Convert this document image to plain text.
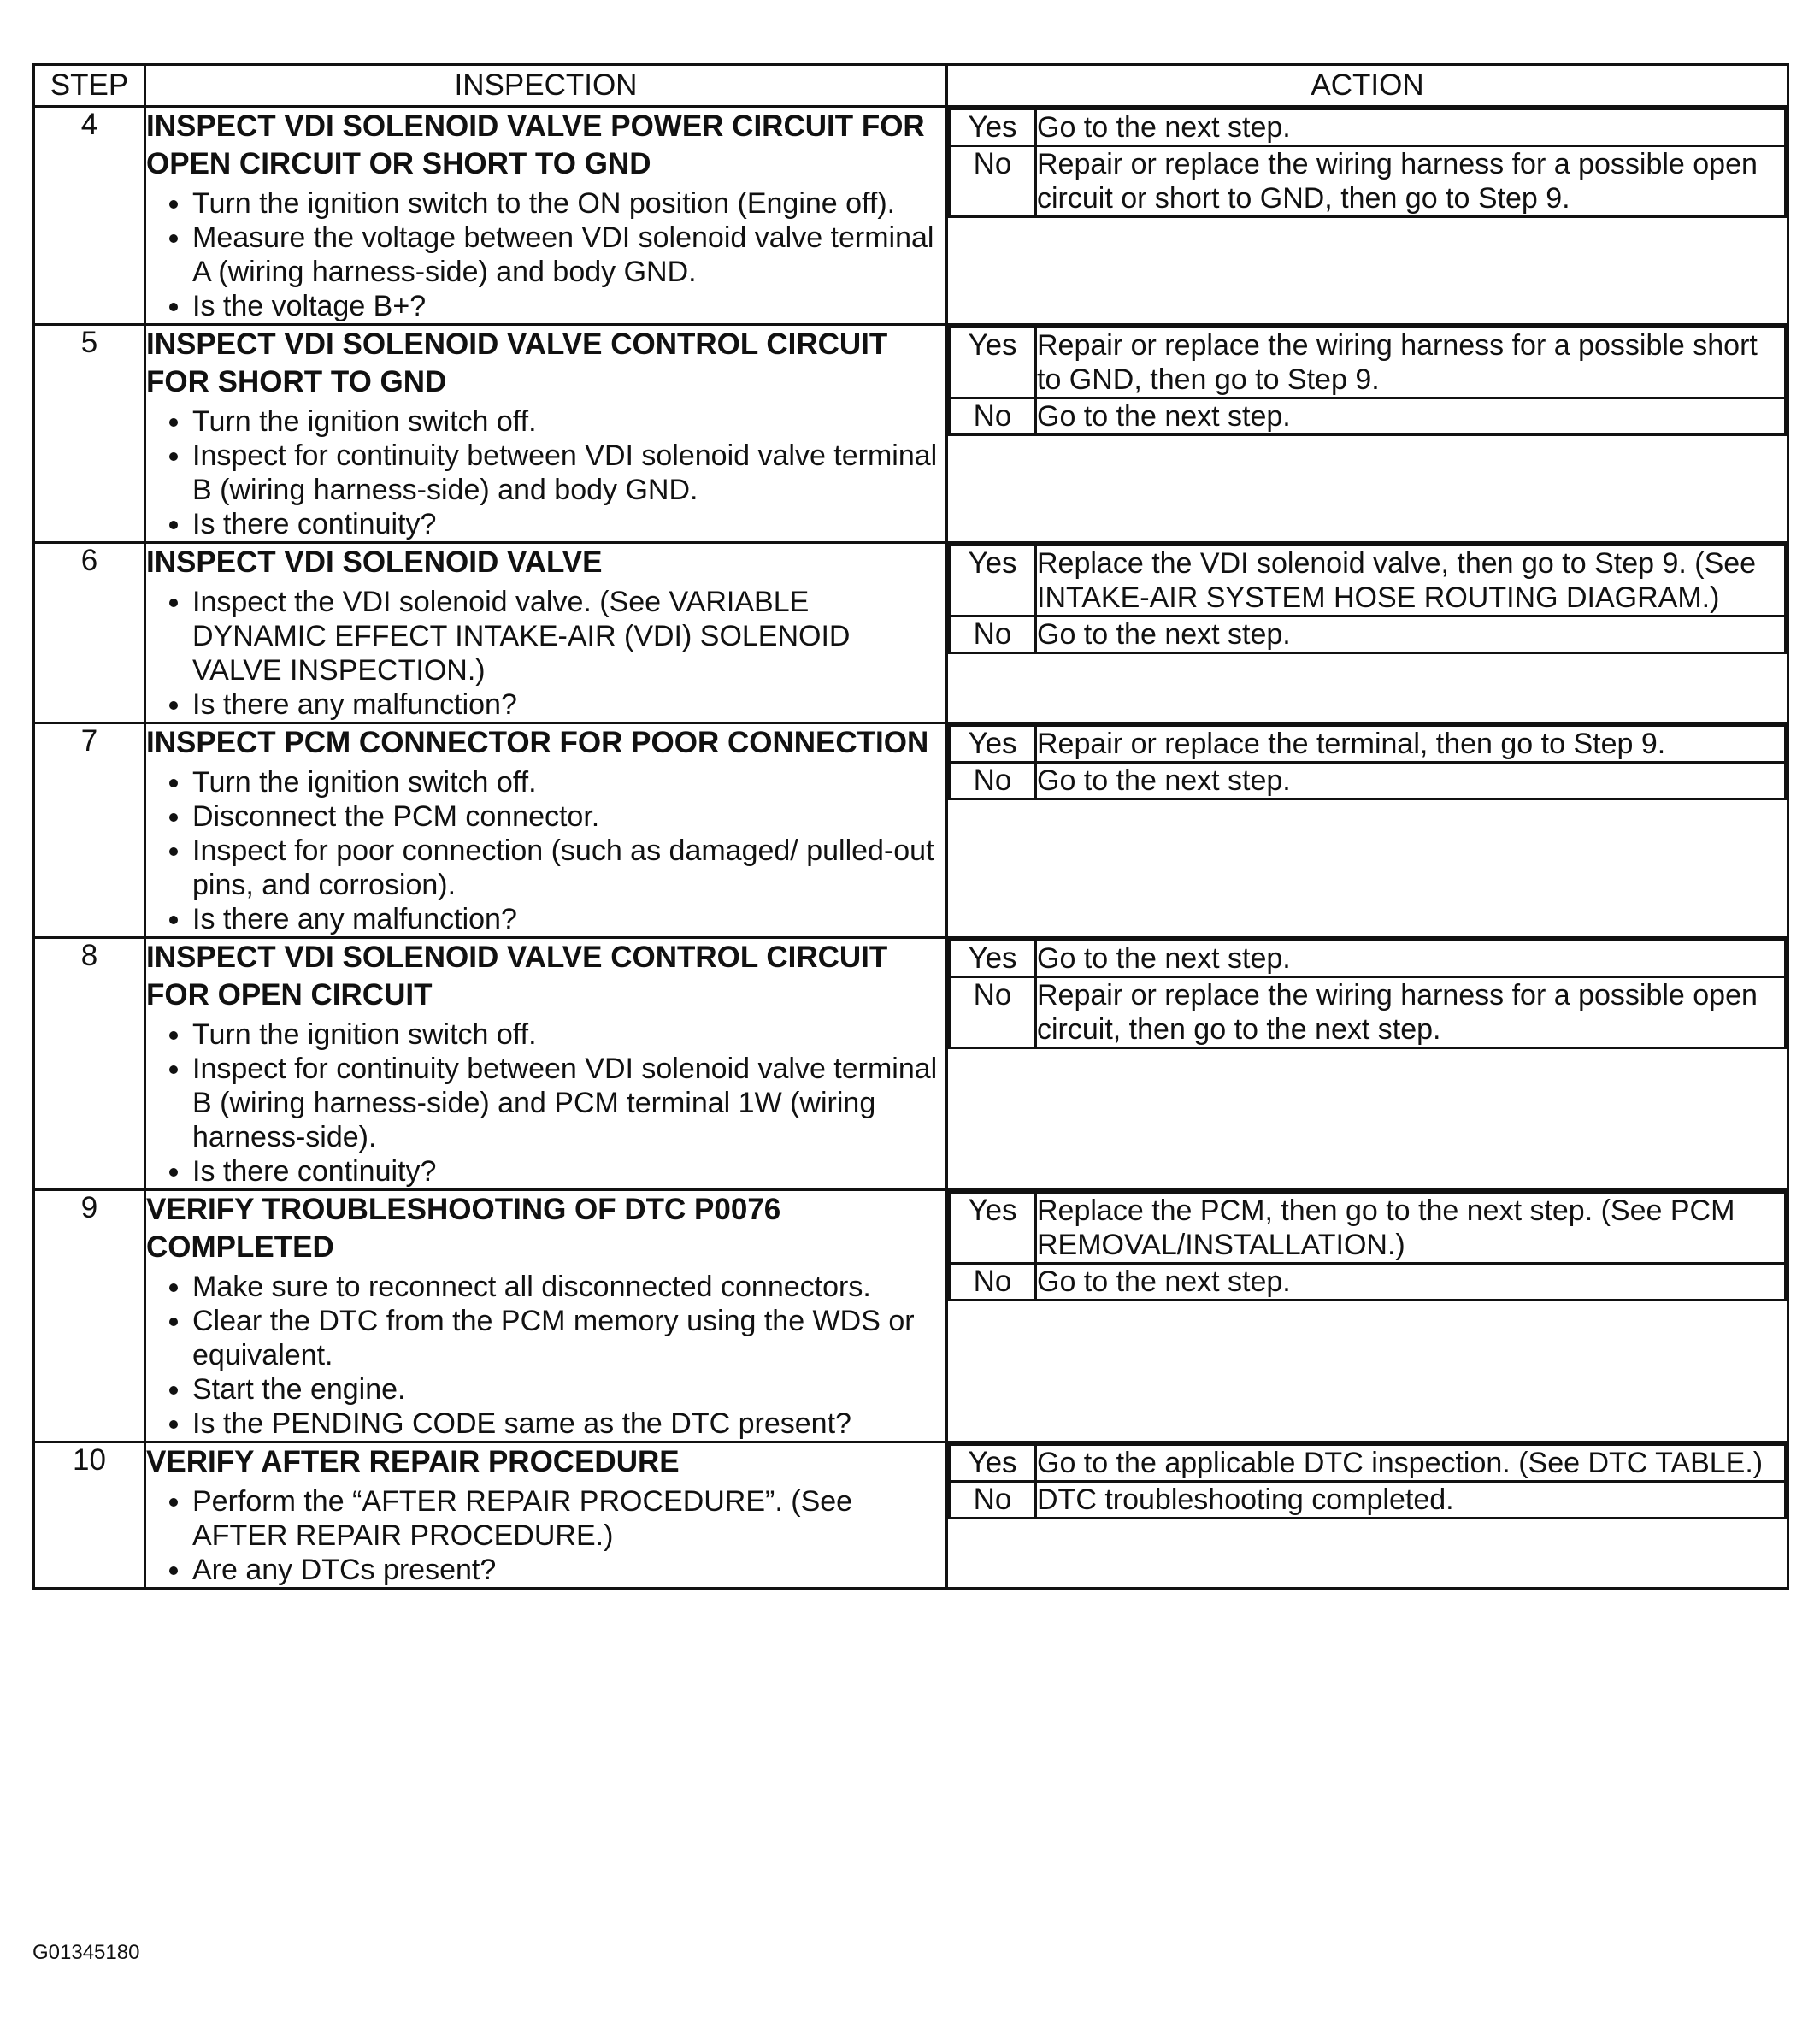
STEP	INSPECTION	ACTION
4	INSPECT VDI SOLENOID VALVE POWER CIRCUIT FOR OPEN CIRCUIT OR SHORT TO GND
• Turn the ignition switch to the ON position (Engine off).
• Measure the voltage between VDI solenoid valve terminal A (wiring harness-side) and body GND.
• Is the voltage B+?

Yes	Go to the next step.
No	Repair or replace the wiring harness for a possible open circuit or short to GND, then go to Step 9.

5	INSPECT VDI SOLENOID VALVE CONTROL CIRCUIT FOR SHORT TO GND
• Turn the ignition switch off.
• Inspect for continuity between VDI solenoid valve terminal B (wiring harness-side) and body GND.
• Is there continuity?

Yes	Repair or replace the wiring harness for a possible short to GND, then go to Step 9.
No	Go to the next step.

6	INSPECT VDI SOLENOID VALVE
• Inspect the VDI solenoid valve. (See VARIABLE DYNAMIC EFFECT INTAKE-AIR (VDI) SOLENOID VALVE INSPECTION.)
• Is there any malfunction?

Yes	Replace the VDI solenoid valve, then go to Step 9. (See INTAKE-AIR SYSTEM HOSE ROUTING DIAGRAM.)
No	Go to the next step.

7	INSPECT PCM CONNECTOR FOR POOR CONNECTION
• Turn the ignition switch off.
• Disconnect the PCM connector.
• Inspect for poor connection (such as damaged/ pulled-out pins, and corrosion).
• Is there any malfunction?

Yes	Repair or replace the terminal, then go to Step 9.
No	Go to the next step.

8	INSPECT VDI SOLENOID VALVE CONTROL CIRCUIT FOR OPEN CIRCUIT
• Turn the ignition switch off.
• Inspect for continuity between VDI solenoid valve terminal B (wiring harness-side) and PCM terminal 1W (wiring harness-side).
• Is there continuity?

Yes	Go to the next step.
No	Repair or replace the wiring harness for a possible open circuit, then go to the next step.

9	VERIFY TROUBLESHOOTING OF DTC P0076 COMPLETED
• Make sure to reconnect all disconnected connectors.
• Clear the DTC from the PCM memory using the WDS or equivalent.
• Start the engine.
• Is the PENDING CODE same as the DTC present?

Yes	Replace the PCM, then go to the next step. (See PCM REMOVAL/INSTALLATION.)
No	Go to the next step.

10	VERIFY AFTER REPAIR PROCEDURE
• Perform the “AFTER REPAIR PROCEDURE”. (See AFTER REPAIR PROCEDURE.)
• Are any DTCs present?

Yes	Go to the applicable DTC inspection. (See DTC TABLE.)
No	DTC troubleshooting completed.
G01345180
